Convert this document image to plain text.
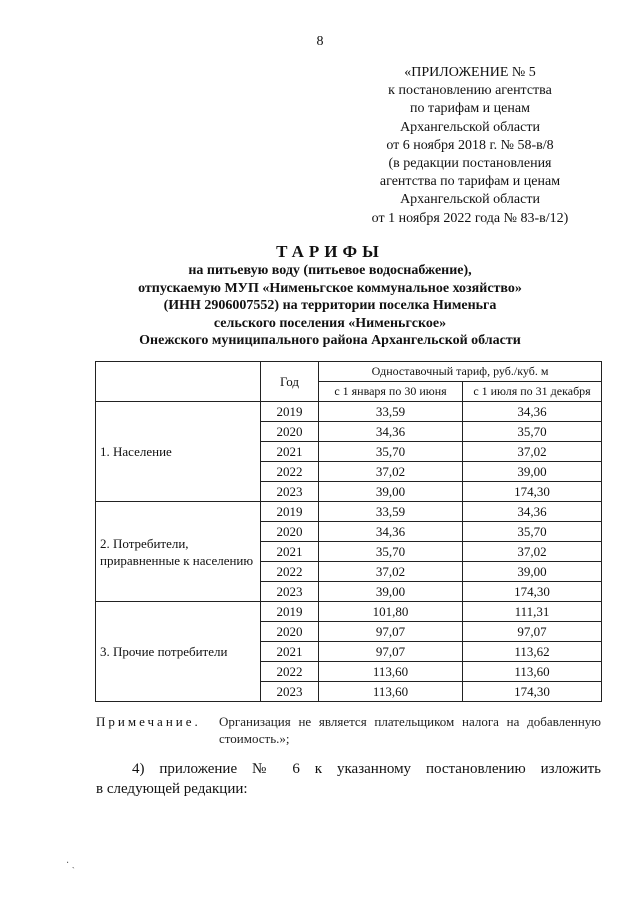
8
«ПРИЛОЖЕНИЕ № 5
к постановлению агентства
по тарифам и ценам
Архангельской области
от 6 ноября 2018 г. № 58-в/8
(в редакции постановления
агентства по тарифам и ценам
Архангельской области
от 1 ноября 2022 года № 83-в/12)
ТАРИФЫ
на питьевую воду (питьевое водоснабжение),
отпускаемую МУП «Нименьгское коммунальное хозяйство»
(ИНН 2906007552) на территории поселка Нименьга
сельского поселения «Нименьгское»
Онежского муниципального района Архангельской области
	Год	Одноставочный тариф, руб./куб. м	
		с 1 января по 30 июня	с 1 июля по 31 декабря
1. Население	2019	33,59	34,36
	2020	34,36	35,70
	2021	35,70	37,02
	2022	37,02	39,00
	2023	39,00	174,30
2. Потребители, приравненные к населению	2019	33,59	34,36
	2020	34,36	35,70
	2021	35,70	37,02
	2022	37,02	39,00
	2023	39,00	174,30
3. Прочие потребители	2019	101,80	111,31
	2020	97,07	97,07
	2021	97,07	113,62
	2022	113,60	113,60
	2023	113,60	174,30
Примечание.	Организация не является плательщиком налога на добавленную стоимость.»;
4) приложение № 6 к указанному постановлению изложить
в следующей редакции:
‧ ˏ
